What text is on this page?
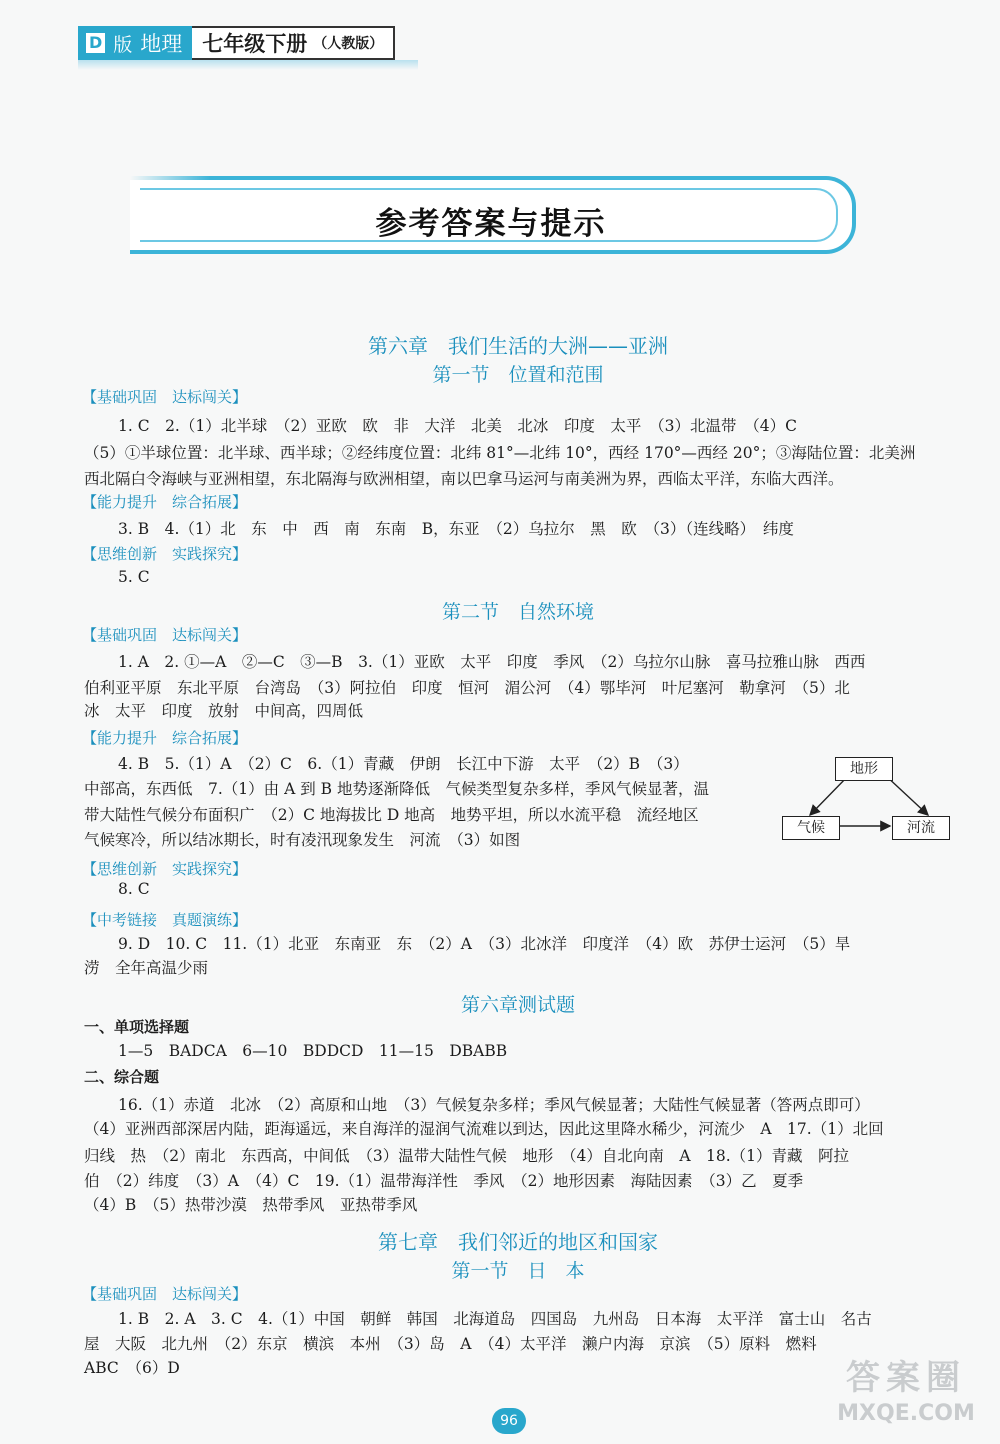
D 版 地理 七年级下册 （人教版）
参考答案与提示
第六章　我们生活的大洲——亚洲
第一节　位置和范围
【基础巩固　达标闯关】
1. C　2.（1）北半球　（2）亚欧　欧　非　大洋　北美　北冰　印度　太平　（3）北温带　（4）C
（5）①半球位置：北半球、西半球；②经纬度位置：北纬 81°—北纬 10°，西经 170°—西经 20°；③海陆位置：北美洲
西北隔白令海峡与亚洲相望，东北隔海与欧洲相望，南以巴拿马运河与南美洲为界，西临太平洋，东临大西洋。
【能力提升　综合拓展】
3. B　4.（1）北　东　中　西　南　东南　B，东亚　（2）乌拉尔　黑　欧　（3）（连线略）　纬度
【思维创新　实践探究】
5. C
第二节　自然环境
【基础巩固　达标闯关】
1. A　2. ①—A　②—C　③—B　3.（1）亚欧　太平　印度　季风　（2）乌拉尔山脉　喜马拉雅山脉　西西
伯利亚平原　东北平原　台湾岛　（3）阿拉伯　印度　恒河　湄公河　（4）鄂毕河　叶尼塞河　勒拿河　（5）北
冰　太平　印度　放射　中间高，四周低
【能力提升　综合拓展】
4. B　5.（1）A　（2）C　6.（1）青藏　伊朗　长江中下游　太平　（2）B　（3）
中部高，东西低　7.（1）由 A 到 B 地势逐渐降低　气候类型复杂多样，季风气候显著，温
带大陆性气候分布面积广　（2）C 地海拔比 D 地高　地势平坦，所以水流平稳　流经地区
气候寒冷，所以结冰期长，时有凌汛现象发生　河流　（3）如图
地形
气候	河流
【思维创新　实践探究】
8. C
【中考链接　真题演练】
9. D　10. C　11.（1）北亚　东南亚　东　（2）A　（3）北冰洋　印度洋　（4）欧　苏伊士运河　（5）旱
涝　全年高温少雨
第六章测试题
一、单项选择题
1—5　BADCA　6—10　BDDCD　11—15　DBABB
二、综合题
16.（1）赤道　北冰　（2）高原和山地　（3）气候复杂多样；季风气候显著；大陆性气候显著（答两点即可）
（4）亚洲西部深居内陆，距海遥远，来自海洋的湿润气流难以到达，因此这里降水稀少，河流少　A　17.（1）北回
归线　热　（2）南北　东西高，中间低　（3）温带大陆性气候　地形　（4）自北向南　A　18.（1）青藏　阿拉
伯　（2）纬度　（3）A　（4）C　19.（1）温带海洋性　季风　（2）地形因素　海陆因素　（3）乙　夏季
（4）B　（5）热带沙漠　热带季风　亚热带季风
第七章　我们邻近的地区和国家
第一节　日　本
【基础巩固　达标闯关】
1. B　2. A　3. C　4.（1）中国　朝鲜　韩国　北海道岛　四国岛　九州岛　日本海　太平洋　富士山　名古
屋　大阪　北九州　（2）东京　横滨　本州　（3）岛　A　（4）太平洋　濑户内海　京滨　（5）原料　燃料
ABC　（6）D
96
答案圈
MXQE.COM
